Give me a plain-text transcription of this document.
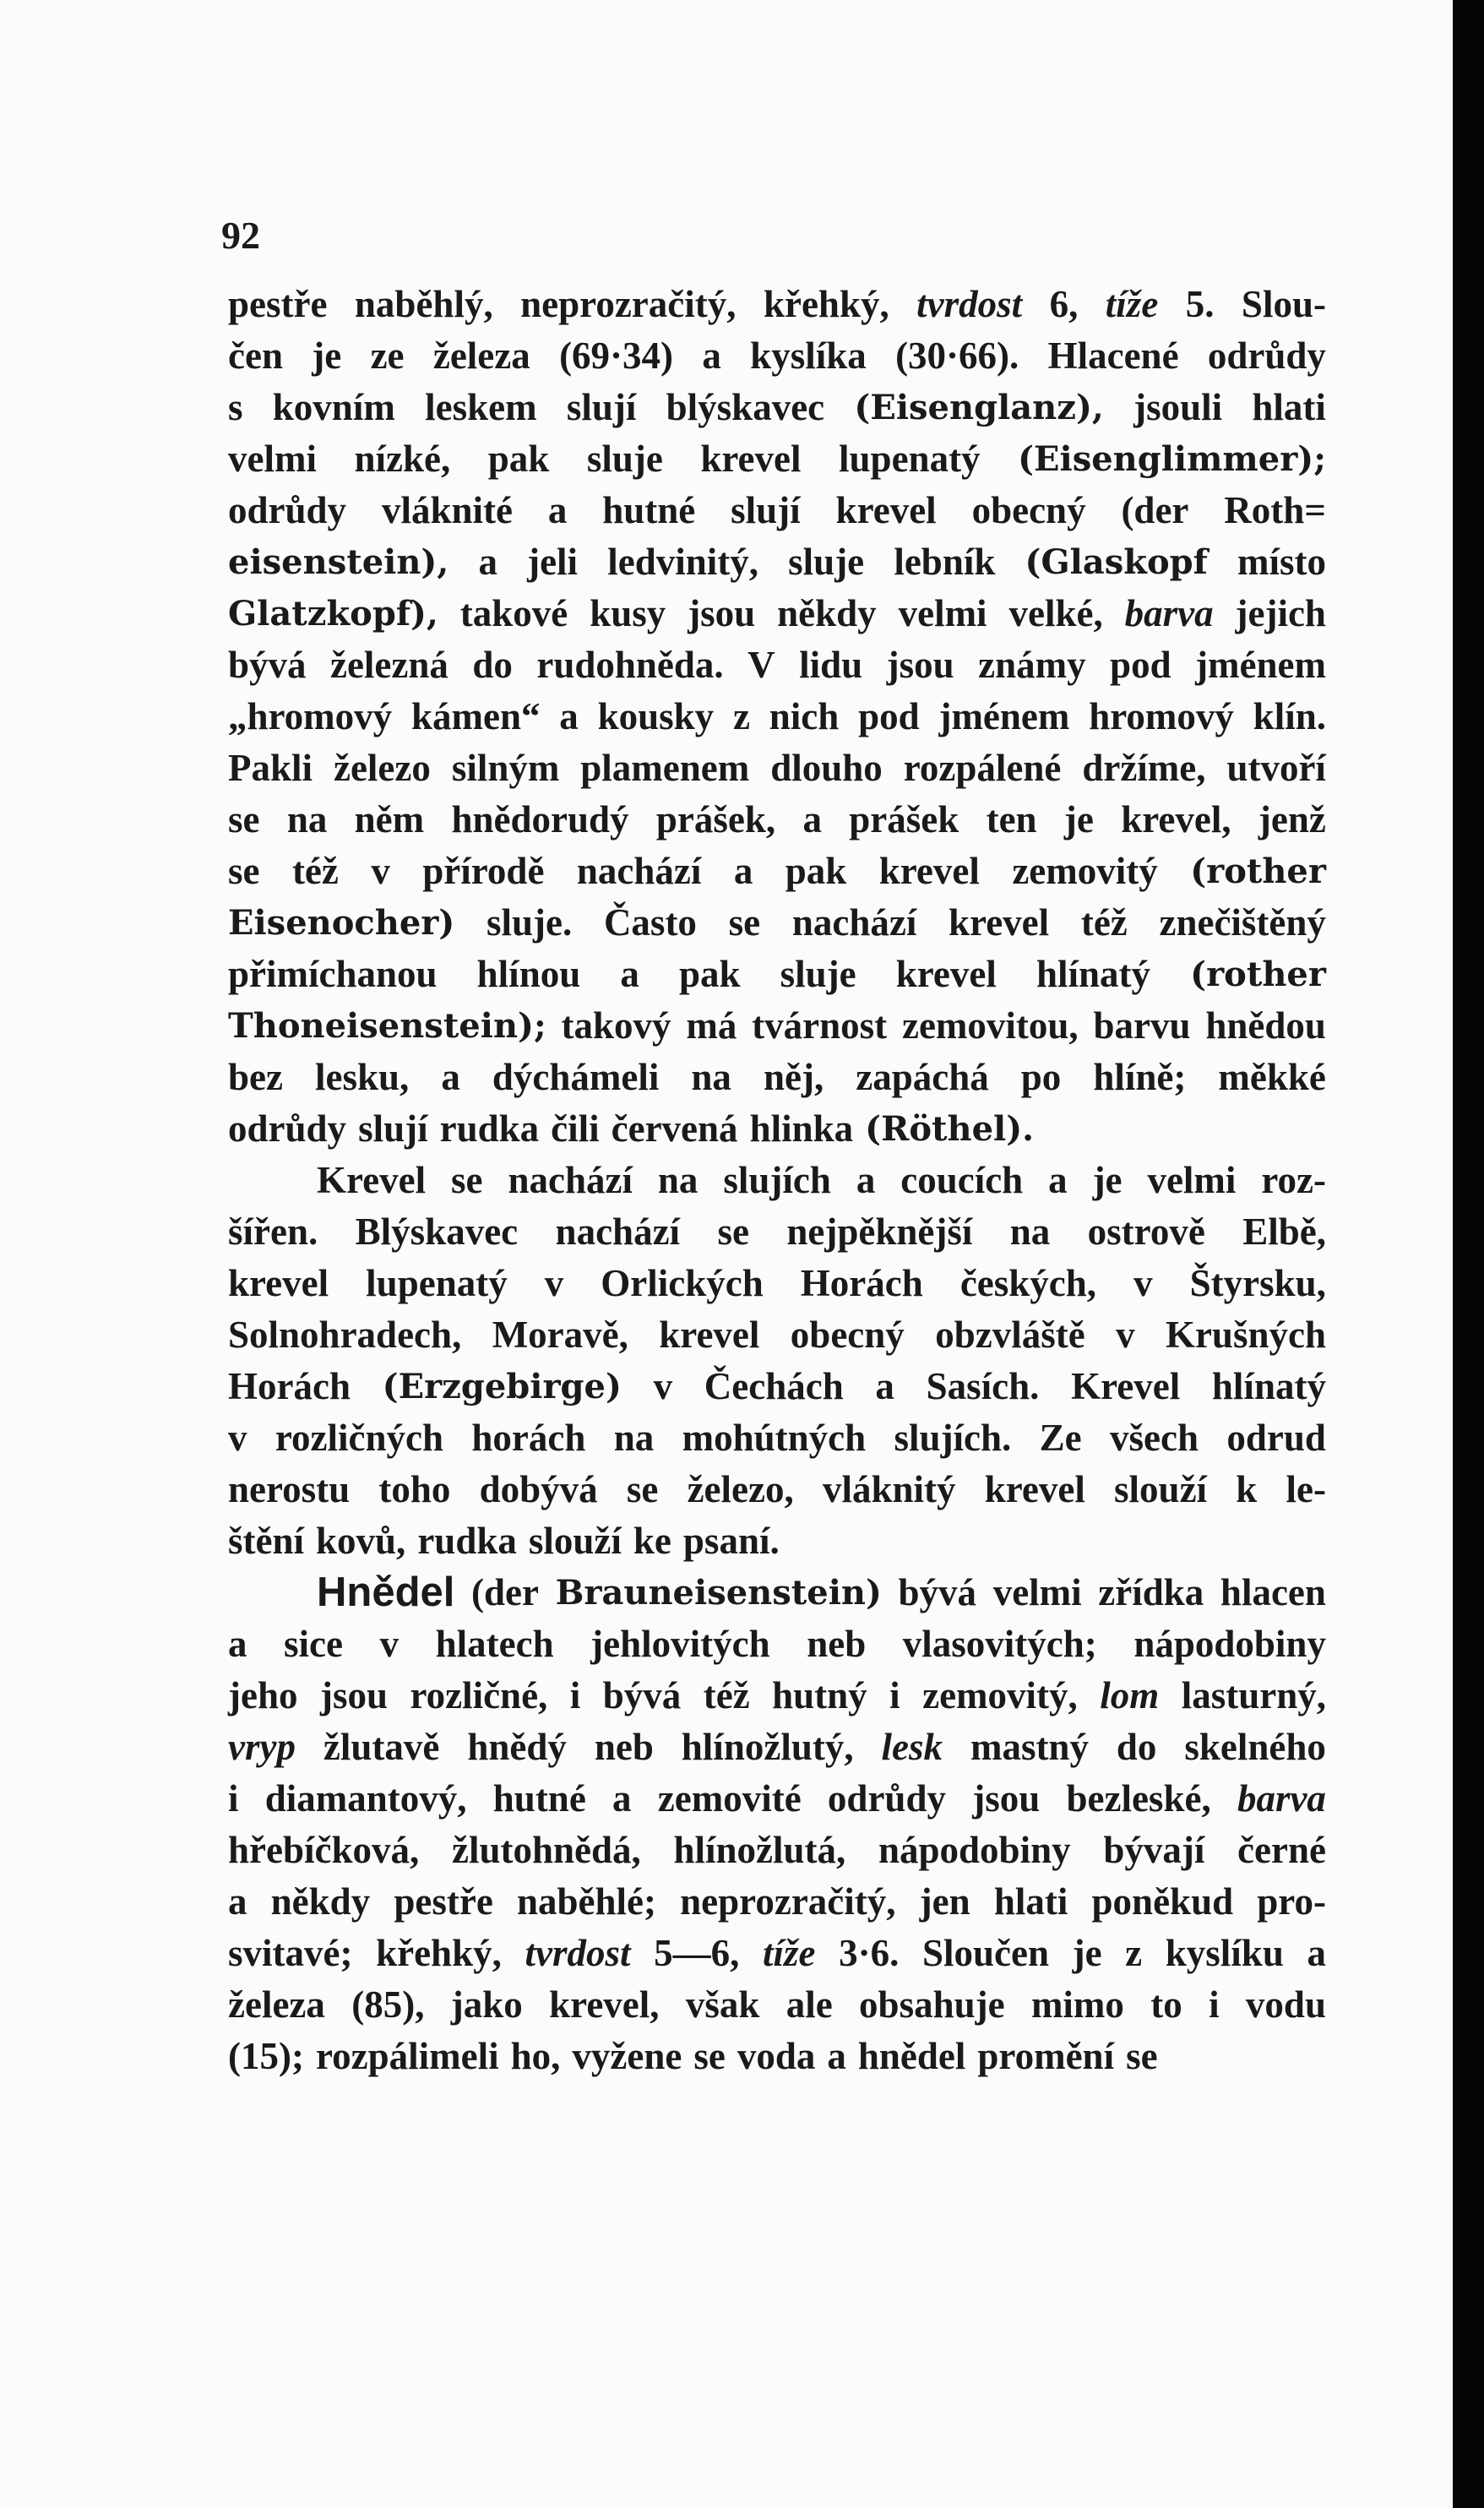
92
pestře naběhlý, neprozračitý, křehký, tvrdost 6, tíže 5. Slou-
čen je ze železa (69·34) a kyslíka (30·66). Hlacené odrůdy
s kovním leskem slují blýskavec (Eisenglanz), jsouli hlati
velmi nízké, pak sluje krevel lupenatý (Eisenglimmer);
odrůdy vláknité a hutné slují krevel obecný (der Roth=
eisenstein), a jeli ledvinitý, sluje lebník (Glaskopf místo
Glatzkopf), takové kusy jsou někdy velmi velké, barva jejich
bývá železná do rudohněda. V lidu jsou známy pod jménem
„hromový kámen“ a kousky z nich pod jménem hromový klín.
Pakli železo silným plamenem dlouho rozpálené držíme, utvoří
se na něm hnědorudý prášek, a prášek ten je krevel, jenž
se též v přírodě nachází a pak krevel zemovitý (rother
Eisenocher) sluje. Často se nachází krevel též znečištěný
přimíchanou hlínou a pak sluje krevel hlínatý (rother
Thoneisenstein); takový má tvárnost zemovitou, barvu hnědou
bez lesku, a dýchámeli na něj, zapáchá po hlíně; měkké
odrůdy slují rudka čili červená hlinka (Röthel).
Krevel se nachází na slujích a coucích a je velmi roz-
šířen. Blýskavec nachází se nejpěknější na ostrově Elbě,
krevel lupenatý v Orlických Horách českých, v Štyrsku,
Solnohradech, Moravě, krevel obecný obzvláště v Krušných
Horách (Erzgebirge) v Čechách a Sasích. Krevel hlínatý
v rozličných horách na mohútných slujích. Ze všech odrud
nerostu toho dobývá se železo, vláknitý krevel slouží k le-
štění kovů, rudka slouží ke psaní.
Hnědel (der Brauneisenstein) bývá velmi zřídka hlacen
a sice v hlatech jehlovitých neb vlasovitých; nápodobiny
jeho jsou rozličné, i bývá též hutný i zemovitý, lom lasturný,
vryp žlutavě hnědý neb hlínožlutý, lesk mastný do skelného
i diamantový, hutné a zemovité odrůdy jsou bezleské, barva
hřebíčková, žlutohnědá, hlínožlutá, nápodobiny bývají černé
a někdy pestře naběhlé; neprozračitý, jen hlati poněkud pro-
svitavé; křehký, tvrdost 5—6, tíže 3·6. Sloučen je z kyslíku a
železa (85), jako krevel, však ale obsahuje mimo to i vodu
(15); rozpálimeli ho, vyžene se voda a hnědel promění se
